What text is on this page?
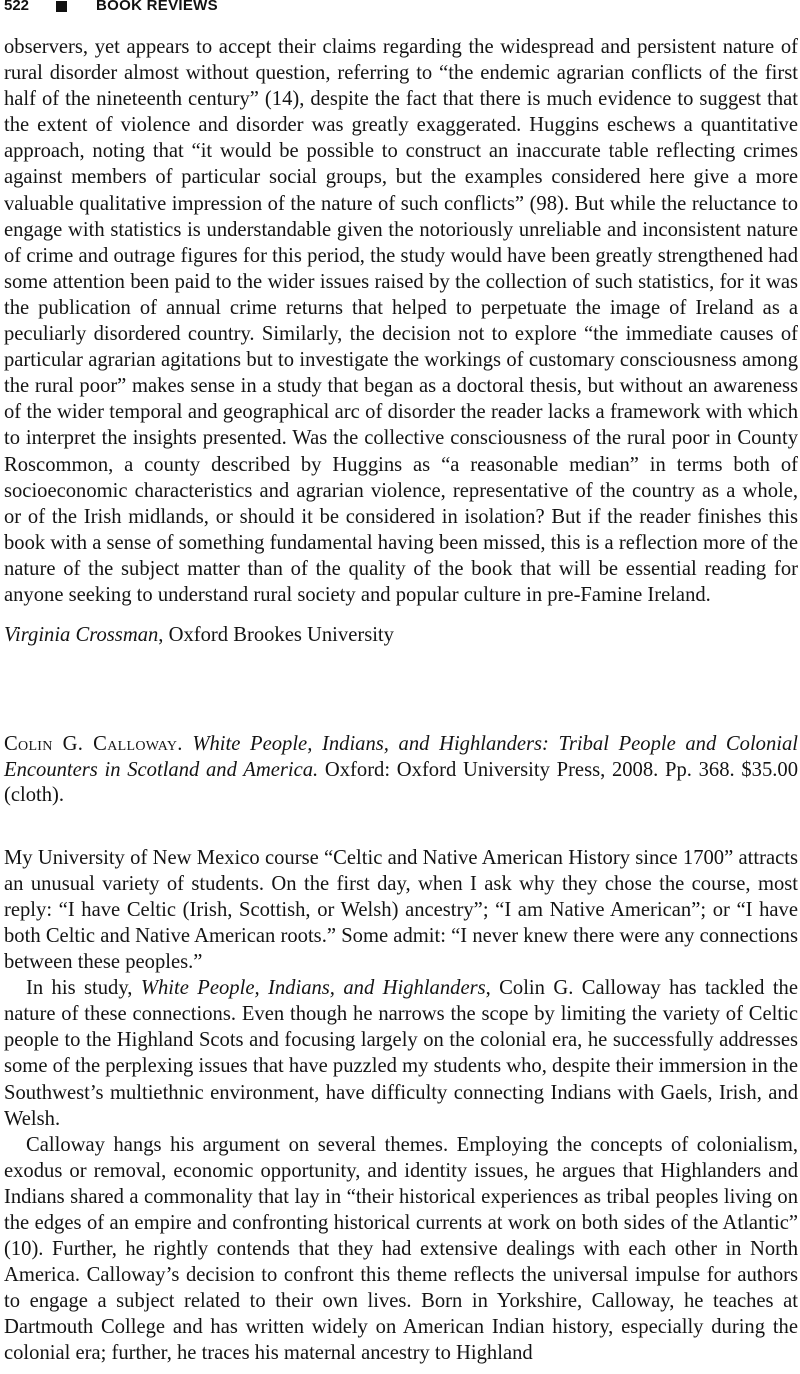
522	BOOK REVIEWS

observers, yet appears to accept their claims regarding the widespread and persistent nature of rural disorder almost without question, referring to “the endemic agrarian conflicts of the first half of the nineteenth century” (14), despite the fact that there is much evidence to suggest that the extent of violence and disorder was greatly exaggerated. Huggins eschews a quantitative approach, noting that “it would be possible to construct an inaccurate table reflecting crimes against members of particular social groups, but the examples considered here give a more valuable qualitative impression of the nature of such conflicts” (98). But while the reluctance to engage with statistics is understandable given the notoriously unreliable and inconsistent nature of crime and outrage figures for this period, the study would have been greatly strengthened had some attention been paid to the wider issues raised by the collection of such statistics, for it was the publication of annual crime returns that helped to perpetuate the image of Ireland as a peculiarly disordered country. Similarly, the decision not to explore “the immediate causes of particular agrarian agitations but to investigate the workings of customary consciousness among the rural poor” makes sense in a study that began as a doctoral thesis, but without an awareness of the wider temporal and geographical arc of disorder the reader lacks a framework with which to interpret the insights presented. Was the collective consciousness of the rural poor in County Roscommon, a county described by Huggins as “a reasonable median” in terms both of socioeconomic characteristics and agrarian violence, representative of the country as a whole, or of the Irish midlands, or should it be considered in isolation? But if the reader finishes this book with a sense of something fundamental having been missed, this is a reflection more of the nature of the subject matter than of the quality of the book that will be essential reading for anyone seeking to understand rural society and popular culture in pre-Famine Ireland.

Virginia Crossman, Oxford Brookes University

Colin G. Calloway. White People, Indians, and Highlanders: Tribal People and Colonial Encounters in Scotland and America. Oxford: Oxford University Press, 2008. Pp. 368. $35.00 (cloth).

My University of New Mexico course “Celtic and Native American History since 1700” attracts an unusual variety of students. On the first day, when I ask why they chose the course, most reply: “I have Celtic (Irish, Scottish, or Welsh) ancestry”; “I am Native American”; or “I have both Celtic and Native American roots.” Some admit: “I never knew there were any connections between these peoples.”

In his study, White People, Indians, and Highlanders, Colin G. Calloway has tackled the nature of these connections. Even though he narrows the scope by limiting the variety of Celtic people to the Highland Scots and focusing largely on the colonial era, he successfully addresses some of the perplexing issues that have puzzled my students who, despite their immersion in the Southwest’s multiethnic environment, have difficulty connecting Indians with Gaels, Irish, and Welsh.

Calloway hangs his argument on several themes. Employing the concepts of colonialism, exodus or removal, economic opportunity, and identity issues, he argues that Highlanders and Indians shared a commonality that lay in “their historical experiences as tribal peoples living on the edges of an empire and confronting historical currents at work on both sides of the Atlantic” (10). Further, he rightly contends that they had extensive dealings with each other in North America. Calloway’s decision to confront this theme reflects the universal impulse for authors to engage a subject related to their own lives. Born in Yorkshire, Calloway, he teaches at Dartmouth College and has written widely on American Indian history, especially during the colonial era; further, he traces his maternal ancestry to Highland
